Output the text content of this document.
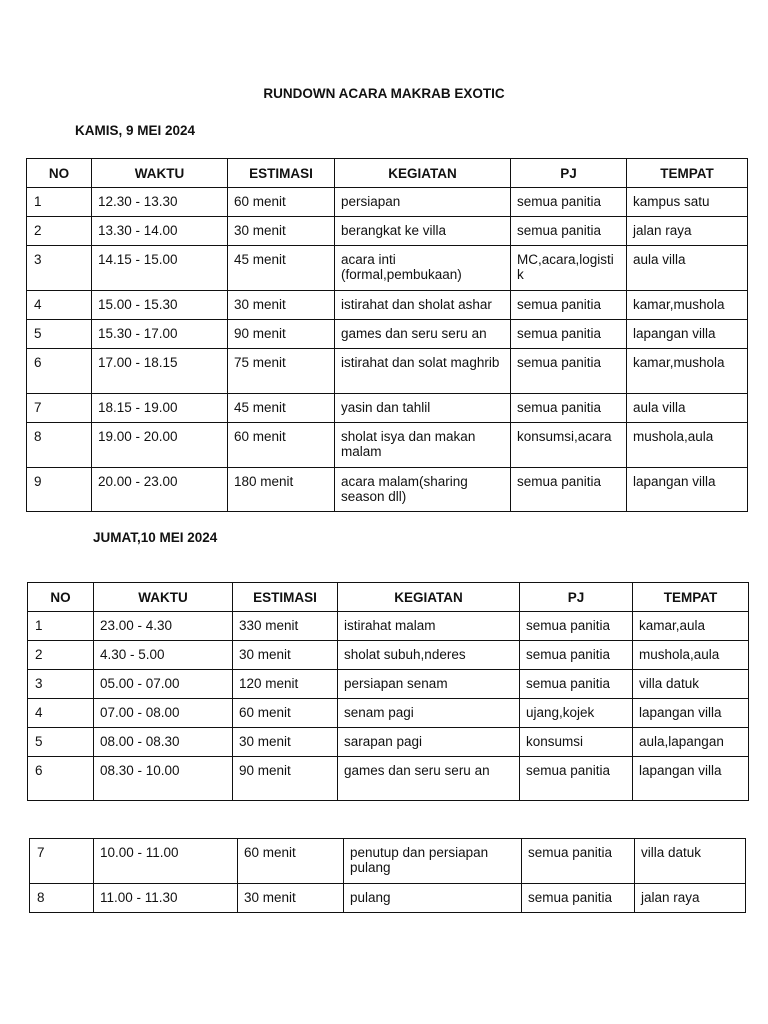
RUNDOWN ACARA MAKRAB EXOTIC
KAMIS, 9 MEI 2024
NO	WAKTU	ESTIMASI	KEGIATAN	PJ	TEMPAT
1	12.30 - 13.30	60 menit	persiapan	semua panitia	kampus satu
2	13.30 - 14.00	30 menit	berangkat ke villa	semua panitia	jalan raya
3	14.15 - 15.00	45 menit	acara inti (formal,pembukaan)	MC,acara,logisti k	aula villa
4	15.00 - 15.30	30 menit	istirahat dan sholat ashar	semua panitia	kamar,mushola
5	15.30 - 17.00	90 menit	games dan seru seru an	semua panitia	lapangan villa
6	17.00 - 18.15	75 menit	istirahat dan solat maghrib	semua panitia	kamar,mushola
7	18.15 - 19.00	45 menit	yasin dan tahlil	semua panitia	aula villa
8	19.00 - 20.00	60 menit	sholat isya dan makan malam	konsumsi,acara	mushola,aula
9	20.00 - 23.00	180 menit	acara malam(sharing season dll)	semua panitia	lapangan villa
JUMAT,10 MEI 2024
NO	WAKTU	ESTIMASI	KEGIATAN	PJ	TEMPAT
1	23.00 - 4.30	330 menit	istirahat malam	semua panitia	kamar,aula
2	4.30 - 5.00	30 menit	sholat subuh,nderes	semua panitia	mushola,aula
3	05.00 - 07.00	120 menit	persiapan senam	semua panitia	villa datuk
4	07.00 - 08.00	60 menit	senam pagi	ujang,kojek	lapangan villa
5	08.00 - 08.30	30 menit	sarapan pagi	konsumsi	aula,lapangan
6	08.30 - 10.00	90 menit	games dan seru seru an	semua panitia	lapangan villa
7	10.00 - 11.00	60 menit	penutup dan persiapan pulang	semua panitia	villa datuk
8	11.00 - 11.30	30 menit	pulang	semua panitia	jalan raya
